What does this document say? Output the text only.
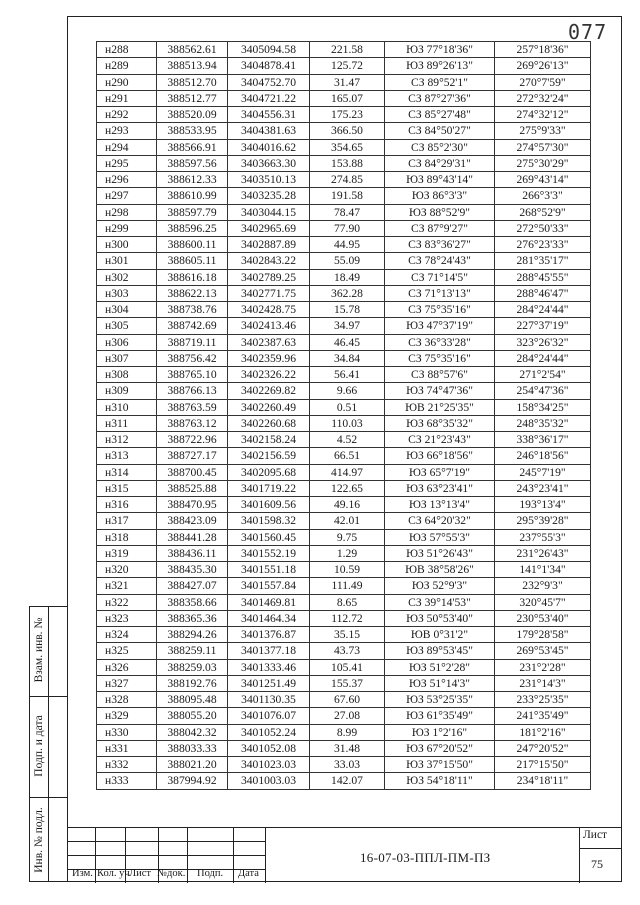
077
н288	388562.61	3405094.58	221.58	ЮЗ 77°18'36"	257°18'36"
н289	388513.94	3404878.41	125.72	ЮЗ 89°26'13"	269°26'13"
н290	388512.70	3404752.70	31.47	СЗ 89°52'1"	270°7'59"
н291	388512.77	3404721.22	165.07	СЗ 87°27'36"	272°32'24"
н292	388520.09	3404556.31	175.23	СЗ 85°27'48"	274°32'12"
н293	388533.95	3404381.63	366.50	СЗ 84°50'27"	275°9'33"
н294	388566.91	3404016.62	354.65	СЗ 85°2'30"	274°57'30"
н295	388597.56	3403663.30	153.88	СЗ 84°29'31"	275°30'29"
н296	388612.33	3403510.13	274.85	ЮЗ 89°43'14"	269°43'14"
н297	388610.99	3403235.28	191.58	ЮЗ 86°3'3"	266°3'3"
н298	388597.79	3403044.15	78.47	ЮЗ 88°52'9"	268°52'9"
н299	388596.25	3402965.69	77.90	СЗ 87°9'27"	272°50'33"
н300	388600.11	3402887.89	44.95	СЗ 83°36'27"	276°23'33"
н301	388605.11	3402843.22	55.09	СЗ 78°24'43"	281°35'17"
н302	388616.18	3402789.25	18.49	СЗ 71°14'5"	288°45'55"
н303	388622.13	3402771.75	362.28	СЗ 71°13'13"	288°46'47"
н304	388738.76	3402428.75	15.78	СЗ 75°35'16"	284°24'44"
н305	388742.69	3402413.46	34.97	ЮЗ 47°37'19"	227°37'19"
н306	388719.11	3402387.63	46.45	СЗ 36°33'28"	323°26'32"
н307	388756.42	3402359.96	34.84	СЗ 75°35'16"	284°24'44"
н308	388765.10	3402326.22	56.41	СЗ 88°57'6"	271°2'54"
н309	388766.13	3402269.82	9.66	ЮЗ 74°47'36"	254°47'36"
н310	388763.59	3402260.49	0.51	ЮВ 21°25'35"	158°34'25"
н311	388763.12	3402260.68	110.03	ЮЗ 68°35'32"	248°35'32"
н312	388722.96	3402158.24	4.52	СЗ 21°23'43"	338°36'17"
н313	388727.17	3402156.59	66.51	ЮЗ 66°18'56"	246°18'56"
н314	388700.45	3402095.68	414.97	ЮЗ 65°7'19"	245°7'19"
н315	388525.88	3401719.22	122.65	ЮЗ 63°23'41"	243°23'41"
н316	388470.95	3401609.56	49.16	ЮЗ 13°13'4"	193°13'4"
н317	388423.09	3401598.32	42.01	СЗ 64°20'32"	295°39'28"
н318	388441.28	3401560.45	9.75	ЮЗ 57°55'3"	237°55'3"
н319	388436.11	3401552.19	1.29	ЮЗ 51°26'43"	231°26'43"
н320	388435.30	3401551.18	10.59	ЮВ 38°58'26"	141°1'34"
н321	388427.07	3401557.84	111.49	ЮЗ 52°9'3"	232°9'3"
н322	388358.66	3401469.81	8.65	СЗ 39°14'53"	320°45'7"
н323	388365.36	3401464.34	112.72	ЮЗ 50°53'40"	230°53'40"
н324	388294.26	3401376.87	35.15	ЮВ 0°31'2"	179°28'58"
н325	388259.11	3401377.18	43.73	ЮЗ 89°53'45"	269°53'45"
н326	388259.03	3401333.46	105.41	ЮЗ 51°2'28"	231°2'28"
н327	388192.76	3401251.49	155.37	ЮЗ 51°14'3"	231°14'3"
н328	388095.48	3401130.35	67.60	ЮЗ 53°25'35"	233°25'35"
н329	388055.20	3401076.07	27.08	ЮЗ 61°35'49"	241°35'49"
н330	388042.32	3401052.24	8.99	ЮЗ 1°2'16"	181°2'16"
н331	388033.33	3401052.08	31.48	ЮЗ 67°20'52"	247°20'52"
н332	388021.20	3401023.03	33.03	ЮЗ 37°15'50"	217°15'50"
н333	387994.92	3401003.03	142.07	ЮЗ 54°18'11"	234°18'11"
Взам. инв. №
Подп. и дата
Инв. № подл.
Изм. Кол. уч Лист №док. Подп. Дата
16-07-03-ППЛ-ПМ-ПЗ
Лист
75
